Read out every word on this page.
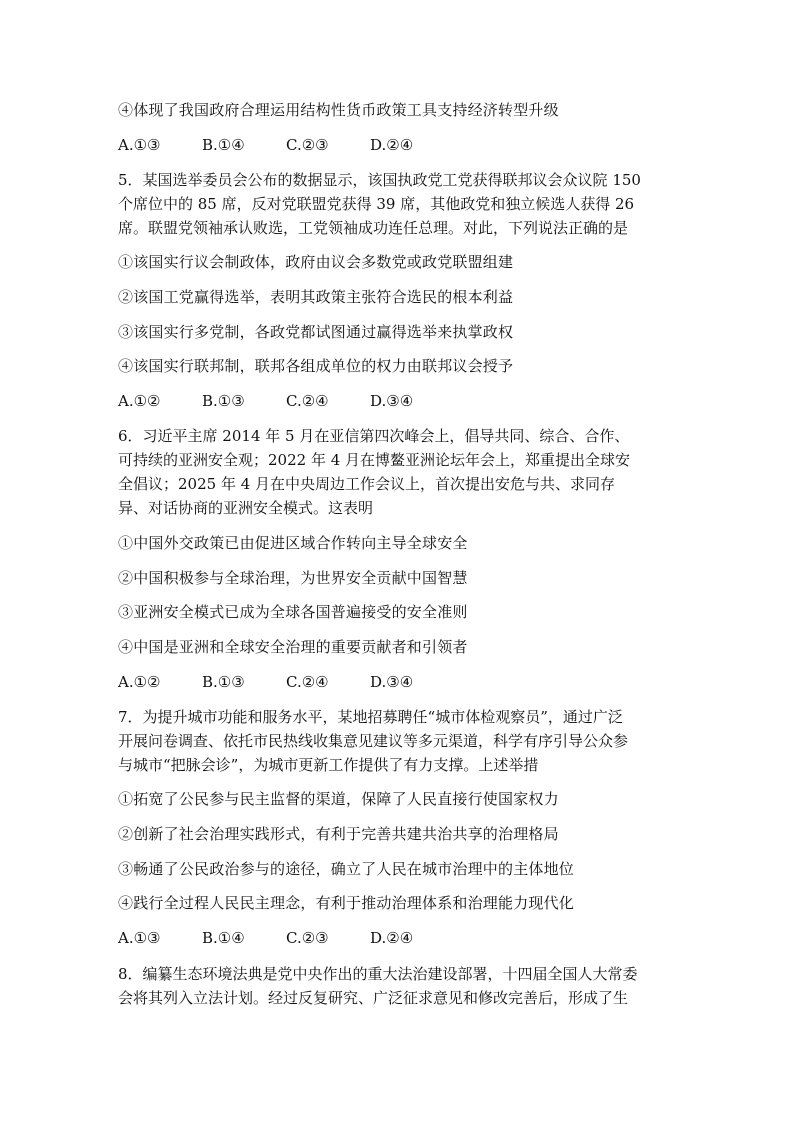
④体现了我国政府合理运用结构性货币政策工具支持经济转型升级
A.①③	B.①④	C.②③	D.②④
5．某国选举委员会公布的数据显示，该国执政党工党获得联邦议会众议院 150
个席位中的 85 席，反对党联盟党获得 39 席，其他政党和独立候选人获得 26
席。联盟党领袖承认败选，工党领袖成功连任总理。对此，下列说法正确的是
①该国实行议会制政体，政府由议会多数党或政党联盟组建
②该国工党赢得选举，表明其政策主张符合选民的根本利益
③该国实行多党制，各政党都试图通过赢得选举来执掌政权
④该国实行联邦制，联邦各组成单位的权力由联邦议会授予
A.①②	B.①③	C.②④	D.③④
6．习近平主席 2014 年 5 月在亚信第四次峰会上，倡导共同、综合、合作、
可持续的亚洲安全观；2022 年 4 月在博鳌亚洲论坛年会上，郑重提出全球安
全倡议；2025 年 4 月在中央周边工作会议上，首次提出安危与共、求同存
异、对话协商的亚洲安全模式。这表明
①中国外交政策已由促进区域合作转向主导全球安全
②中国积极参与全球治理，为世界安全贡献中国智慧
③亚洲安全模式已成为全球各国普遍接受的安全准则
④中国是亚洲和全球安全治理的重要贡献者和引领者
A.①②	B.①③	C.②④	D.③④
7．为提升城市功能和服务水平，某地招募聘任“城市体检观察员”，通过广泛
开展问卷调查、依托市民热线收集意见建议等多元渠道，科学有序引导公众参
与城市“把脉会诊”，为城市更新工作提供了有力支撑。上述举措
①拓宽了公民参与民主监督的渠道，保障了人民直接行使国家权力
②创新了社会治理实践形式，有利于完善共建共治共享的治理格局
③畅通了公民政治参与的途径，确立了人民在城市治理中的主体地位
④践行全过程人民民主理念，有利于推动治理体系和治理能力现代化
A.①③	B.①④	C.②③	D.②④
8．编纂生态环境法典是党中央作出的重大法治建设部署，十四届全国人大常委
会将其列入立法计划。经过反复研究、广泛征求意见和修改完善后，形成了生
